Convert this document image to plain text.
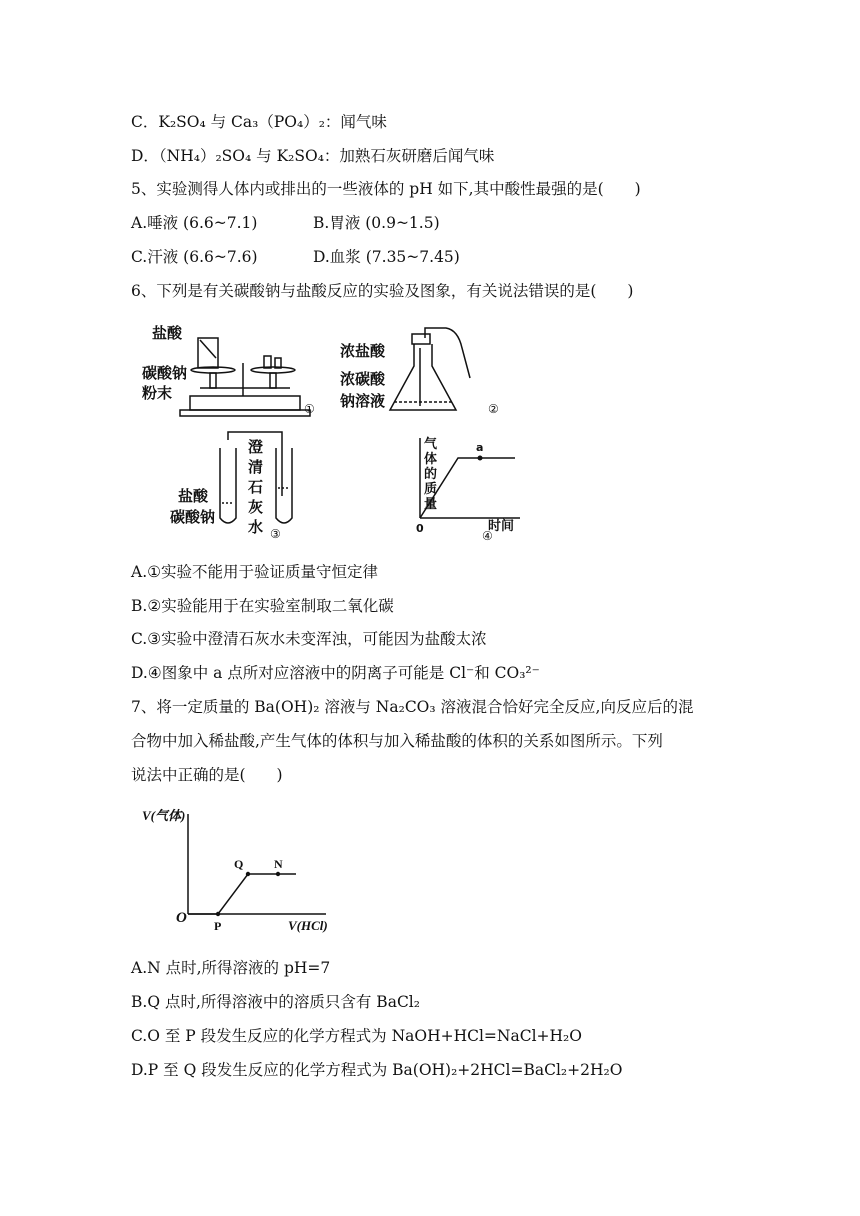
C．K₂SO₄ 与 Ca₃（PO₄）₂：闻气味
D．（NH₄）₂SO₄ 与 K₂SO₄：加熟石灰研磨后闻气味
5、实验测得人体内或排出的一些液体的 pH 如下,其中酸性最强的是(　　)
A.唾液 (6.6~7.1)	B.胃液 (0.9~1.5)
C.汗液 (6.6~7.6)	D.血浆 (7.35~7.45)
6、下列是有关碳酸钠与盐酸反应的实验及图象，有关说法错误的是(　　)
盐酸
碳酸钠
粉末
①
浓盐酸
浓碳酸
钠溶液	②
盐酸
碳酸钠
澄
清
石
灰
水 ③
a
气
体
的
质
量
0	时间
④
A.①实验不能用于验证质量守恒定律
B.②实验能用于在实验室制取二氧化碳
C.③实验中澄清石灰水未变浑浊，可能因为盐酸太浓
D.④图象中 a 点所对应溶液中的阴离子可能是 Cl⁻和 CO₃²⁻
7、将一定质量的 Ba(OH)₂ 溶液与 Na₂CO₃ 溶液混合恰好完全反应,向反应后的混
合物中加入稀盐酸,产生气体的体积与加入稀盐酸的体积的关系如图所示。下列
说法中正确的是(　　)
V(气体)
O	V(HCl)
P
Q	N
A.N 点时,所得溶液的 pH=7
B.Q 点时,所得溶液中的溶质只含有 BaCl₂
C.O 至 P 段发生反应的化学方程式为 NaOH+HCl=NaCl+H₂O
D.P 至 Q 段发生反应的化学方程式为 Ba(OH)₂+2HCl=BaCl₂+2H₂O
